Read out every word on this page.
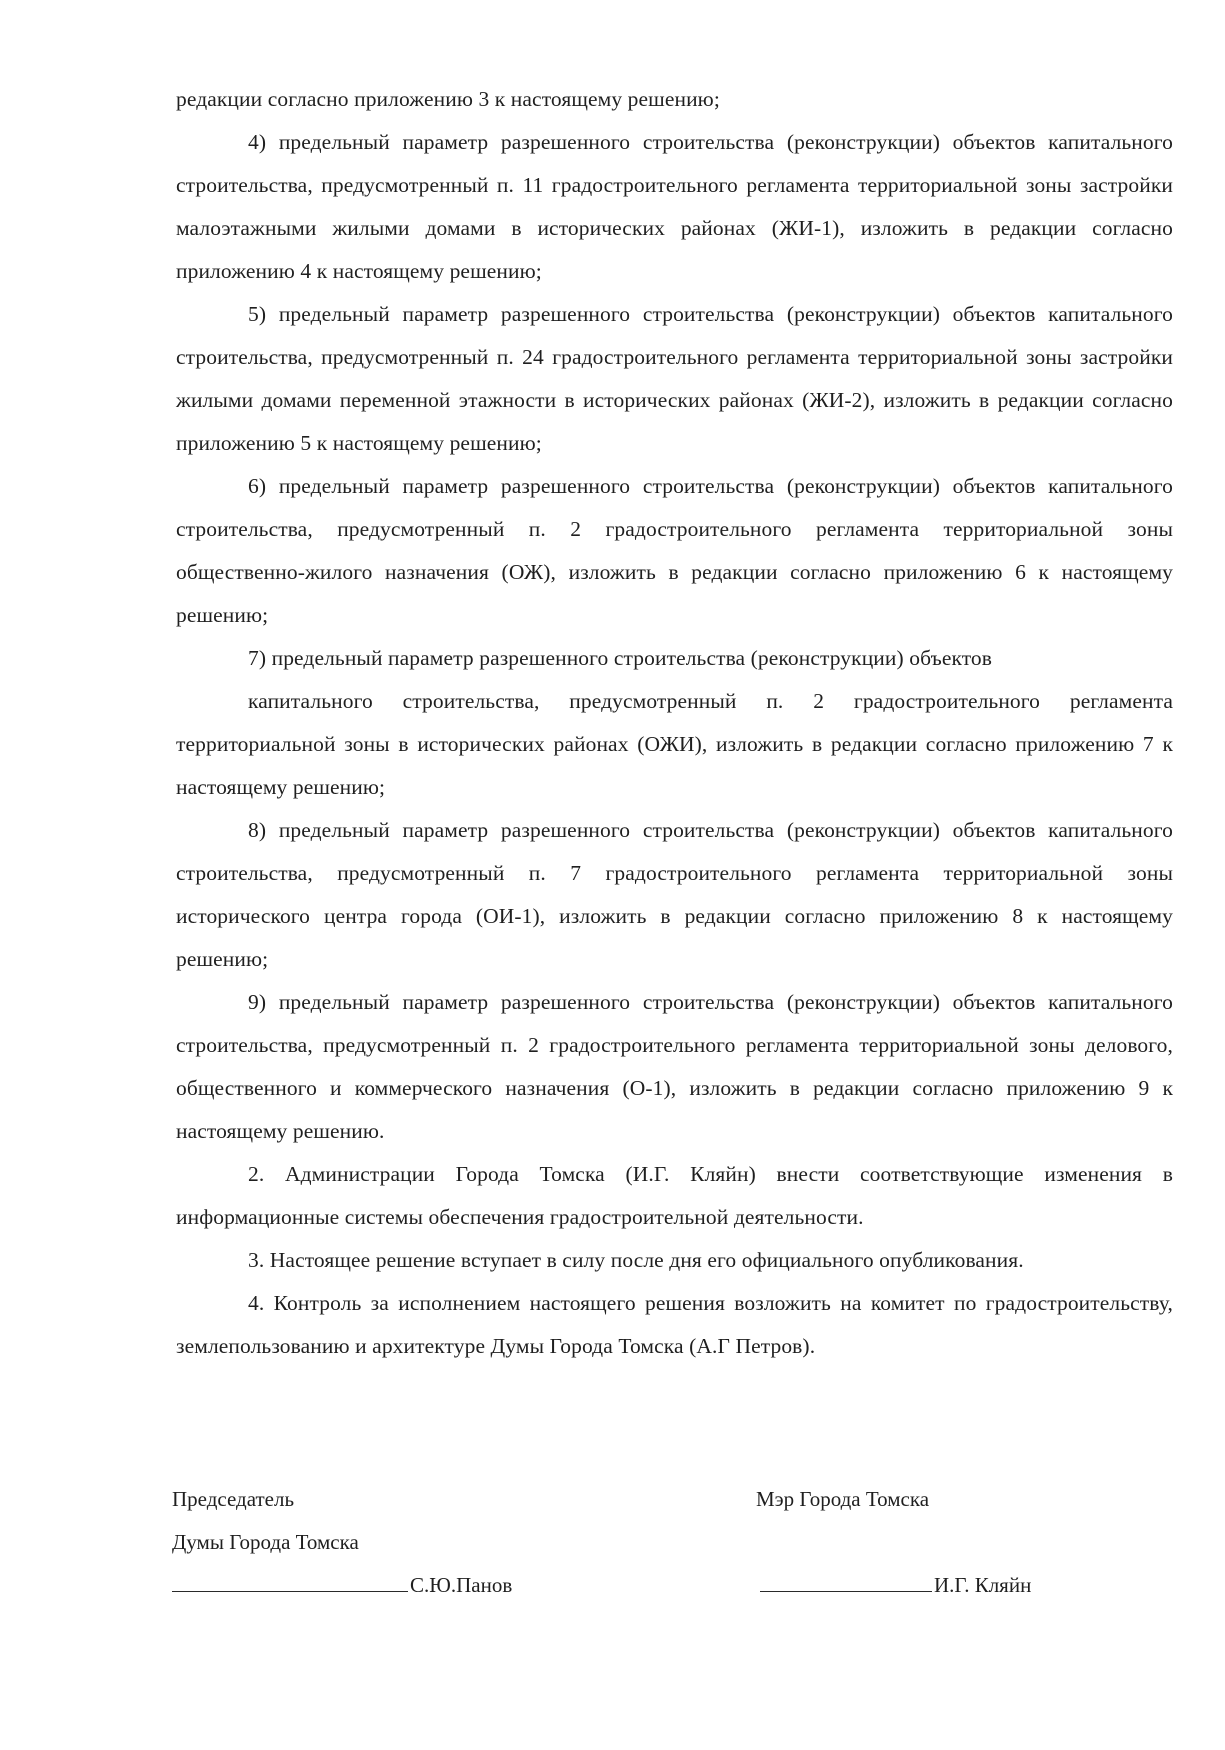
редакции согласно приложению 3 к настоящему решению;

4) предельный параметр разрешенного строительства (реконструкции) объектов капитального строительства, предусмотренный п. 11 градостроительного регламента территориальной зоны застройки малоэтажными жилыми домами в исторических районах (ЖИ-1), изложить в редакции согласно приложению 4 к настоящему решению;

5) предельный параметр разрешенного строительства (реконструкции) объектов капитального строительства, предусмотренный п. 24 градостроительного регламента территориальной зоны застройки жилыми домами переменной этажности в исторических районах (ЖИ-2), изложить в редакции согласно приложению 5 к настоящему решению;

6) предельный параметр разрешенного строительства (реконструкции) объектов капитального строительства, предусмотренный п. 2 градостроительного регламента территориальной зоны общественно-жилого назначения (ОЖ), изложить в редакции согласно приложению 6 к настоящему решению;

7) предельный параметр разрешенного строительства (реконструкции) объектов

капитального строительства, предусмотренный п. 2 градостроительного регламента
территориальной зоны в исторических районах (ОЖИ), изложить в редакции согласно приложению 7 к настоящему решению;

8) предельный параметр разрешенного строительства (реконструкции) объектов капитального строительства, предусмотренный п. 7 градостроительного регламента территориальной зоны исторического центра города (ОИ-1), изложить в редакции согласно приложению 8 к настоящему решению;

9) предельный параметр разрешенного строительства (реконструкции) объектов капитального строительства, предусмотренный п. 2 градостроительного регламента территориальной зоны делового, общественного и коммерческого назначения (О-1), изложить в редакции согласно приложению 9 к настоящему решению.

2. Администрации Города Томска (И.Г. Кляйн) внести соответствующие изменения в информационные системы обеспечения градостроительной деятельности.

3. Настоящее решение вступает в силу после дня его официального опубликования.

4. Контроль за исполнением настоящего решения возложить на комитет по градостроительству, землепользованию и архитектуре Думы Города Томска (А.Г Петров).

Председатель
Думы Города Томска
С.Ю.Панов
Мэр Города Томска
И.Г. Кляйн
